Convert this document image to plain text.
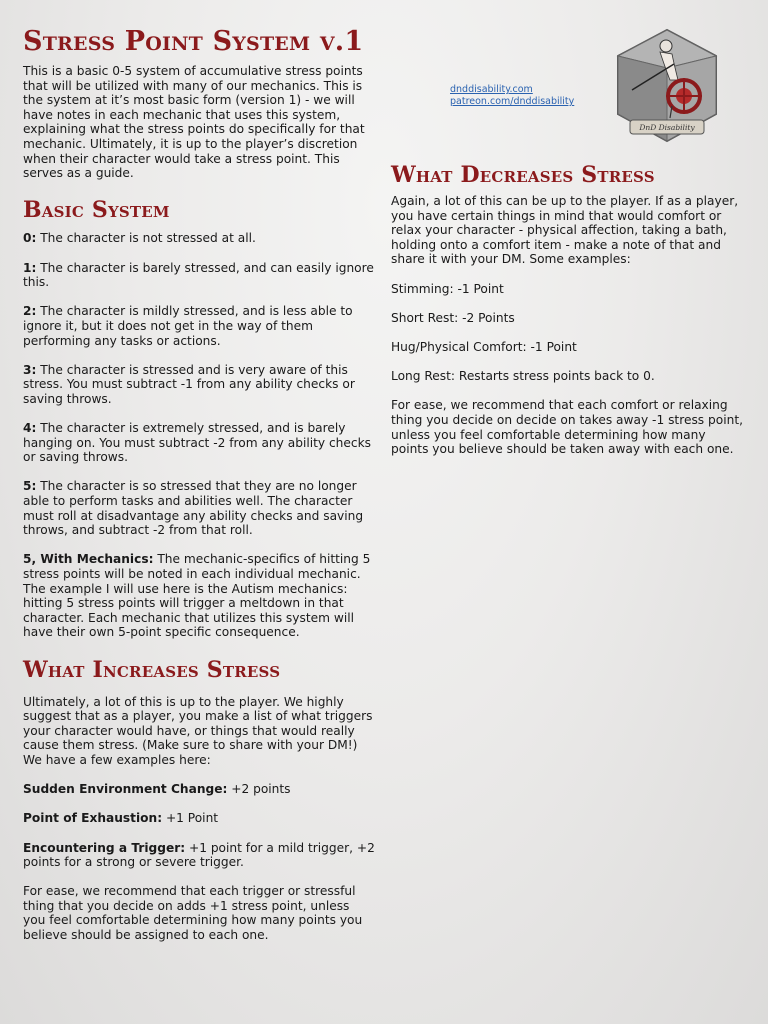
Stress Point System v.1

This is a basic 0-5 system of accumulative stress points that will be utilized with many of our mechanics. This is the system at it’s most basic form (version 1) - we will have notes in each mechanic that uses this system, explaining what the stress points do specifically for that mechanic. Ultimately, it is up to the player’s discretion when their character would take a stress point. This serves as a guide.

Basic System

0: The character is not stressed at all.

1: The character is barely stressed, and can easily ignore this.

2: The character is mildly stressed, and is less able to ignore it, but it does not get in the way of them performing any tasks or actions.

3: The character is stressed and is very aware of this stress. You must subtract -1 from any ability checks or saving throws.

4: The character is extremely stressed, and is barely hanging on. You must subtract -2 from any ability checks or saving throws.

5: The character is so stressed that they are no longer able to perform tasks and abilities well. The character must roll at disadvantage any ability checks and saving throws, and subtract -2 from that roll.

5, With Mechanics: The mechanic-specifics of hitting 5 stress points will be noted in each individual mechanic. The example I will use here is the Autism mechanics: hitting 5 stress points will trigger a meltdown in that character. Each mechanic that utilizes this system will have their own 5-point specific consequence.

What Increases Stress

Ultimately, a lot of this is up to the player. We highly suggest that as a player, you make a list of what triggers your character would have, or things that would really cause them stress. (Make sure to share with your DM!) We have a few examples here:

Sudden Environment Change: +2 points

Point of Exhaustion: +1 Point

Encountering a Trigger: +1 point for a mild trigger, +2 points for a strong or severe trigger.

For ease, we recommend that each trigger or stressful thing that you decide on adds +1 stress point, unless you feel comfortable determining how many points you believe should be assigned to each one.

dnddisability.com
patreon.com/dnddisability
DnD Disability
What Decreases Stress

Again, a lot of this can be up to the player. If as a player, you have certain things in mind that would comfort or relax your character - physical affection, taking a bath, holding onto a comfort item - make a note of that and share it with your DM. Some examples:

Stimming: -1 Point

Short Rest: -2 Points

Hug/Physical Comfort: -1 Point

Long Rest: Restarts stress points back to 0.

For ease, we recommend that each comfort or relaxing thing you decide on decide on takes away -1 stress point, unless you feel comfortable determining how many points you believe should be taken away with each one.
